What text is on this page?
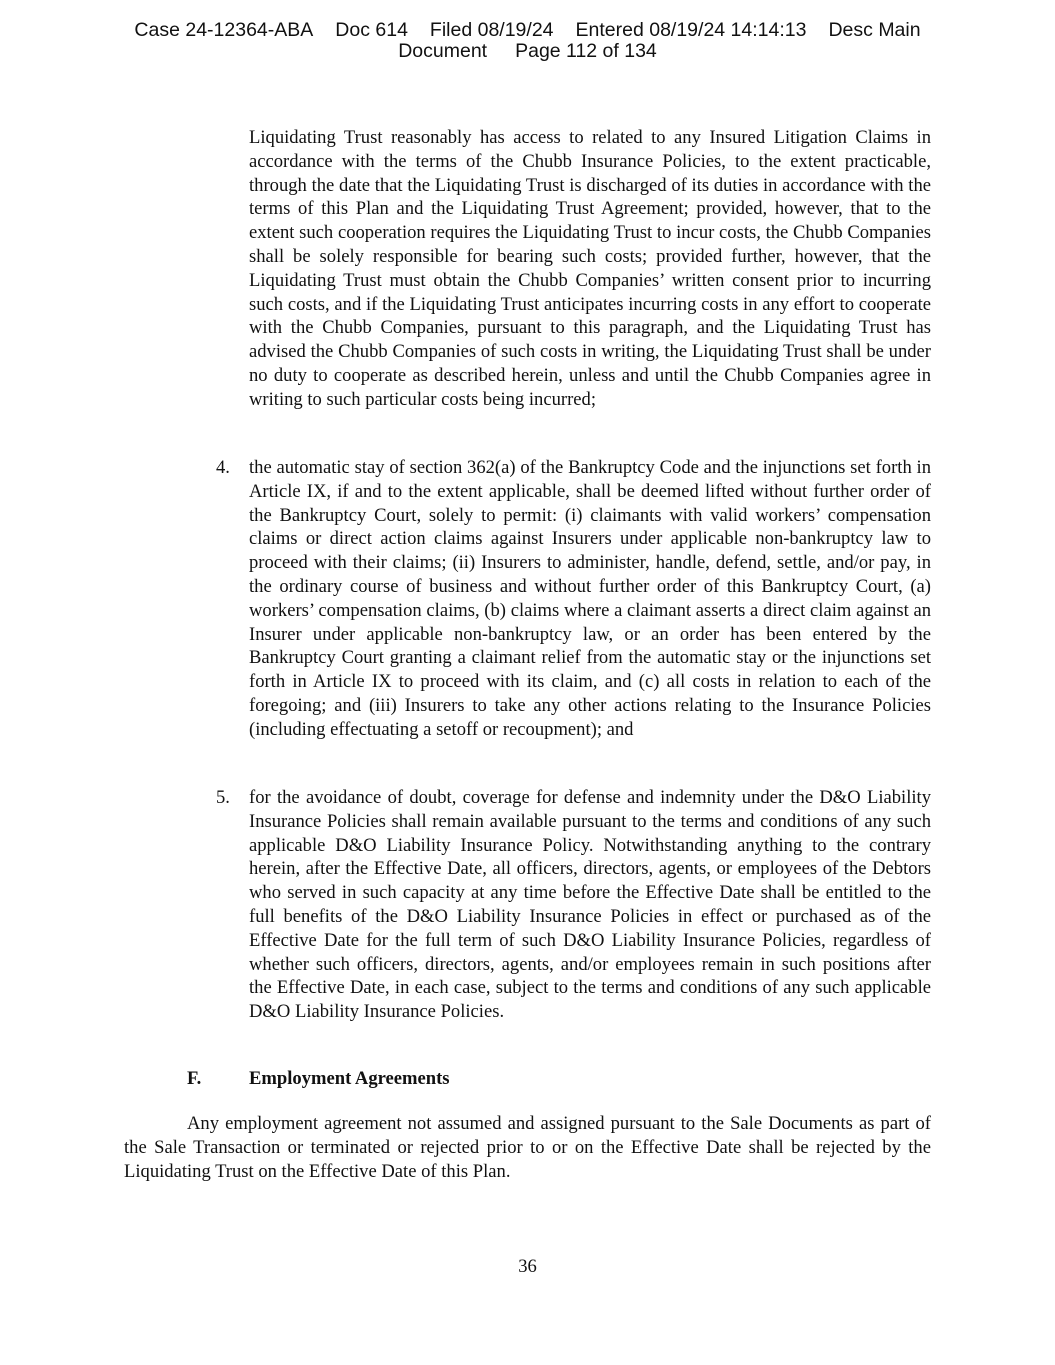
Case 24-12364-ABA Doc 614 Filed 08/19/24 Entered 08/19/24 14:14:13 Desc Main
Document Page 112 of 134
Liquidating Trust reasonably has access to related to any Insured Litigation Claims in accordance with the terms of the Chubb Insurance Policies, to the extent practicable, through the date that the Liquidating Trust is discharged of its duties in accordance with the terms of this Plan and the Liquidating Trust Agreement; provided, however, that to the extent such cooperation requires the Liquidating Trust to incur costs, the Chubb Companies shall be solely responsible for bearing such costs; provided further, however, that the Liquidating Trust must obtain the Chubb Companies’ written consent prior to incurring such costs, and if the Liquidating Trust anticipates incurring costs in any effort to cooperate with the Chubb Companies, pursuant to this paragraph, and the Liquidating Trust has advised the Chubb Companies of such costs in writing, the Liquidating Trust shall be under no duty to cooperate as described herein, unless and until the Chubb Companies agree in writing to such particular costs being incurred;
4. the automatic stay of section 362(a) of the Bankruptcy Code and the injunctions set forth in Article IX, if and to the extent applicable, shall be deemed lifted without further order of the Bankruptcy Court, solely to permit: (i) claimants with valid workers’ compensation claims or direct action claims against Insurers under applicable non-bankruptcy law to proceed with their claims; (ii) Insurers to administer, handle, defend, settle, and/or pay, in the ordinary course of business and without further order of this Bankruptcy Court, (a) workers’ compensation claims, (b) claims where a claimant asserts a direct claim against an Insurer under applicable non-bankruptcy law, or an order has been entered by the Bankruptcy Court granting a claimant relief from the automatic stay or the injunctions set forth in Article IX to proceed with its claim, and (c) all costs in relation to each of the foregoing; and (iii) Insurers to take any other actions relating to the Insurance Policies (including effectuating a setoff or recoupment); and
5. for the avoidance of doubt, coverage for defense and indemnity under the D&O Liability Insurance Policies shall remain available pursuant to the terms and conditions of any such applicable D&O Liability Insurance Policy. Notwithstanding anything to the contrary herein, after the Effective Date, all officers, directors, agents, or employees of the Debtors who served in such capacity at any time before the Effective Date shall be entitled to the full benefits of the D&O Liability Insurance Policies in effect or purchased as of the Effective Date for the full term of such D&O Liability Insurance Policies, regardless of whether such officers, directors, agents, and/or employees remain in such positions after the Effective Date, in each case, subject to the terms and conditions of any such applicable D&O Liability Insurance Policies.
F.	Employment Agreements
Any employment agreement not assumed and assigned pursuant to the Sale Documents as part of the Sale Transaction or terminated or rejected prior to or on the Effective Date shall be rejected by the Liquidating Trust on the Effective Date of this Plan.
36
